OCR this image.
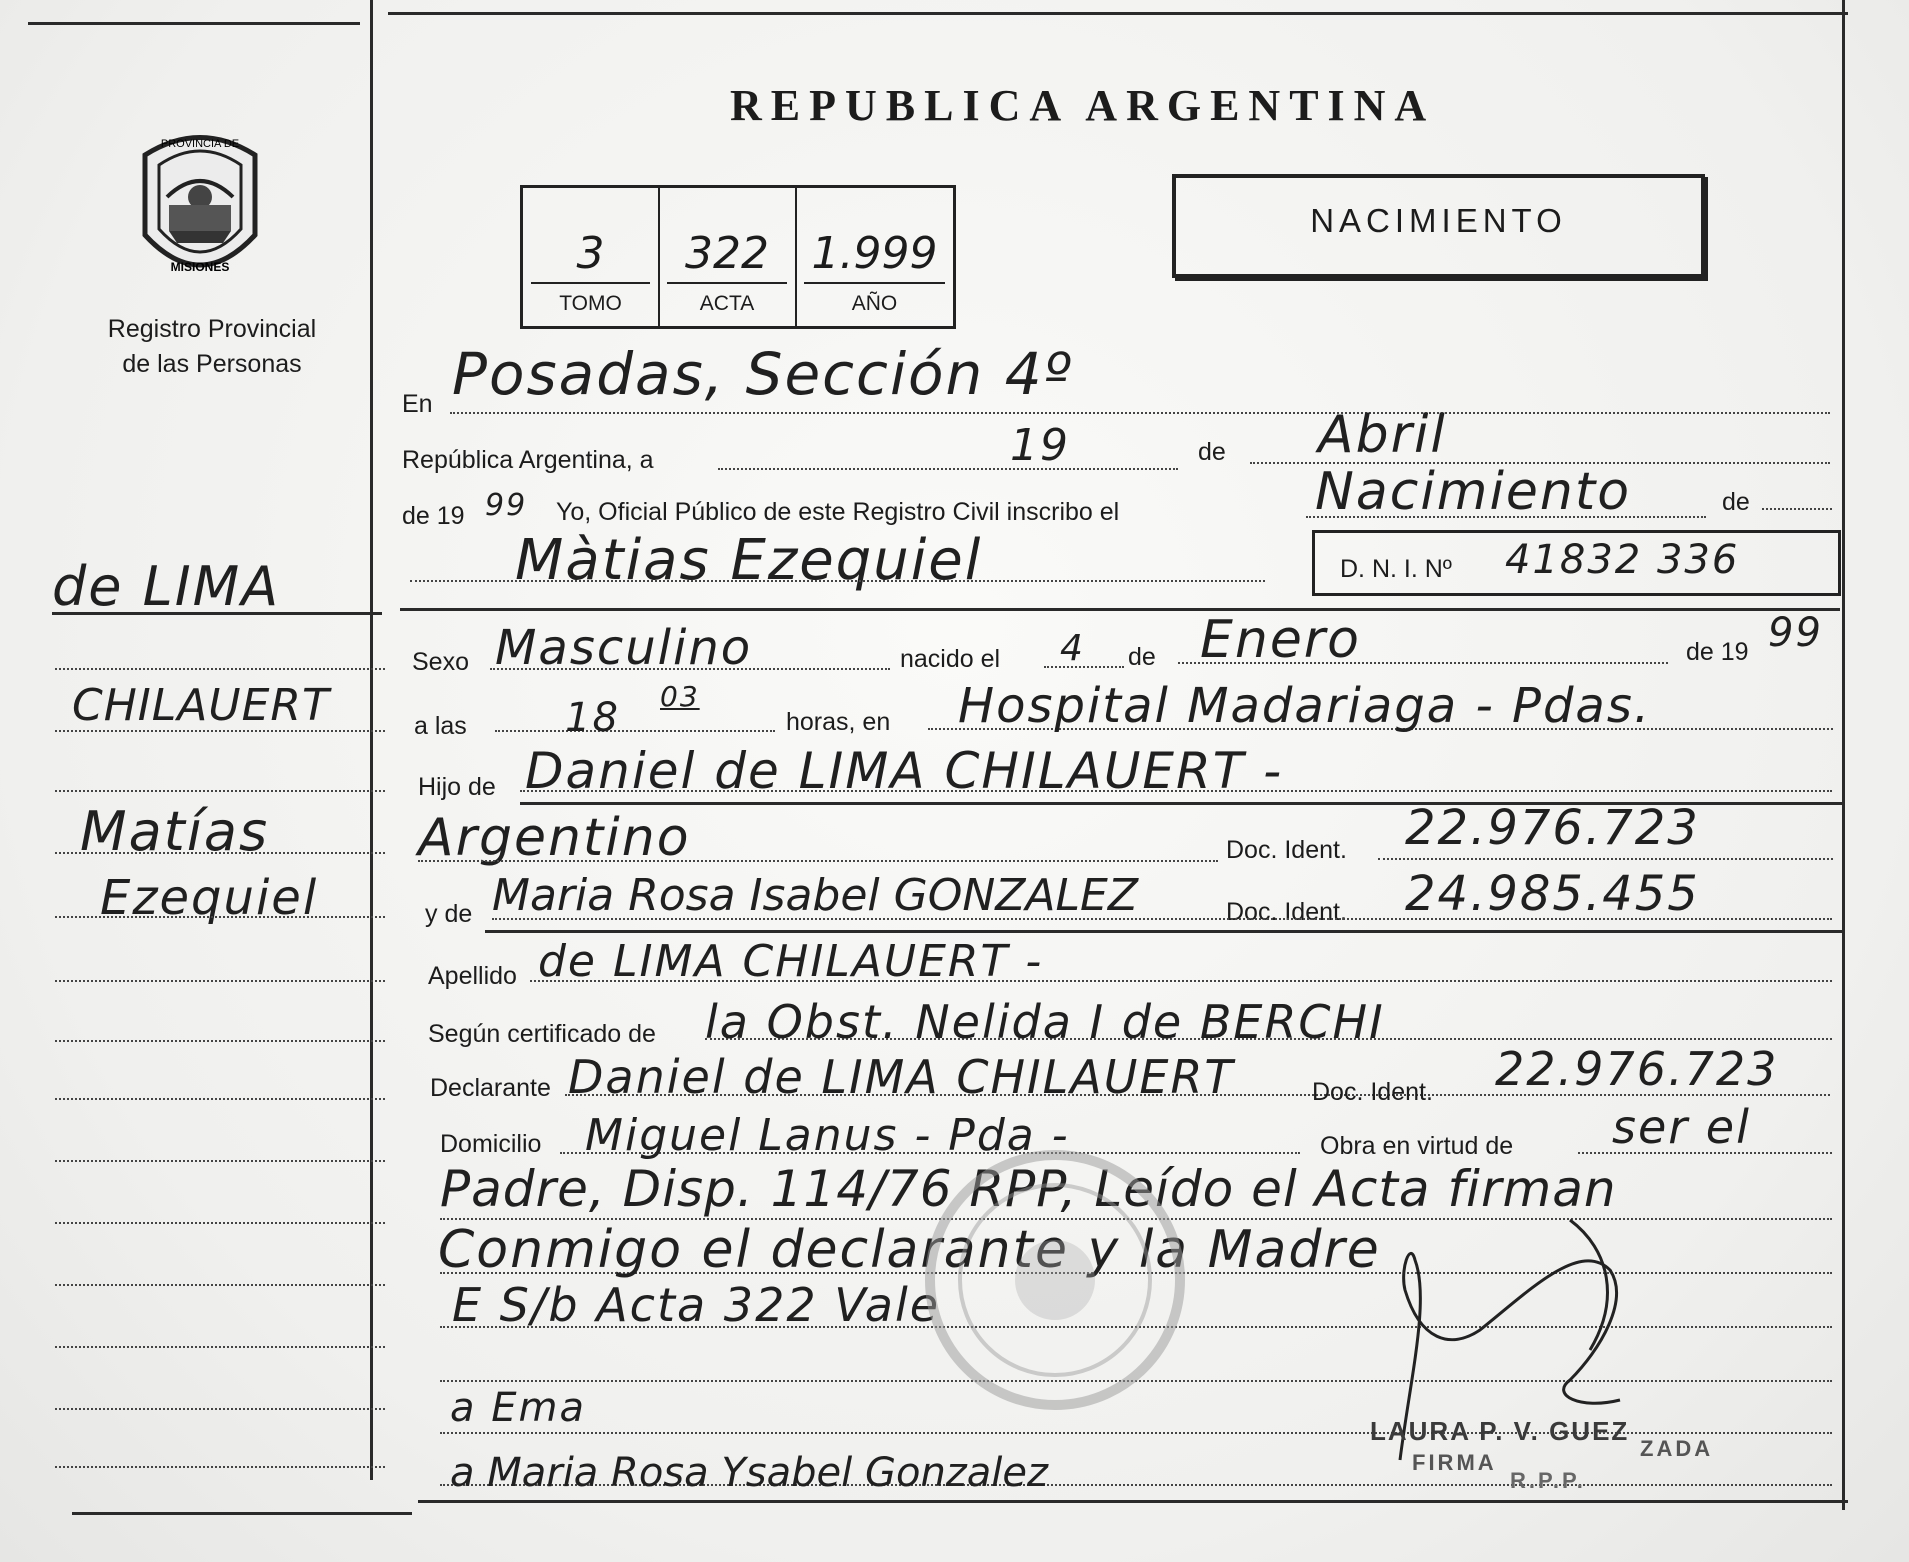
REPUBLICA ARGENTINA
NACIMIENTO
3
TOMO
322
ACTA
1.999
AÑO
PROVINCIA DE
MISIONES
Registro Provincial
de las Personas
de LIMA
CHILAUERT
Matías
Ezequiel
En Posadas, Sección 4º
República Argentina, a	19	de Abril
de 19 99 Yo, Oficial Público de este Registro Civil inscribo el	Nacimiento	de
Màtias Ezequiel	D. N. I. Nº 41832 336
Sexo Masculino	nacido el 4 de Enero	de 19 99
a las 18 03
horas, en Hospital Madariaga - Pdas.
Hijo de Daniel de LIMA CHILAUERT -
Argentino	Doc. Ident. 22.976.723
y de Maria Rosa Isabel GONZALEZ	Doc. Ident. 24.985.455
Apellido de LIMA CHILAUERT -
Según certificado de la Obst. Nelida I de BERCHI
Declarante Daniel de LIMA CHILAUERT	Doc. Ident. 22.976.723
Domicilio Miguel Lanus - Pda -	Obra en virtud de ser el
Padre, Disp. 114/76 RPP, Leído el Acta firman
Conmigo el declarante y la Madre
E S/b Acta 322 Vale
a Ema
a Maria Rosa Ysabel Gonzalez
LAURA P. V. GUEZ
FIRMA
ZADA
R.P.P.
